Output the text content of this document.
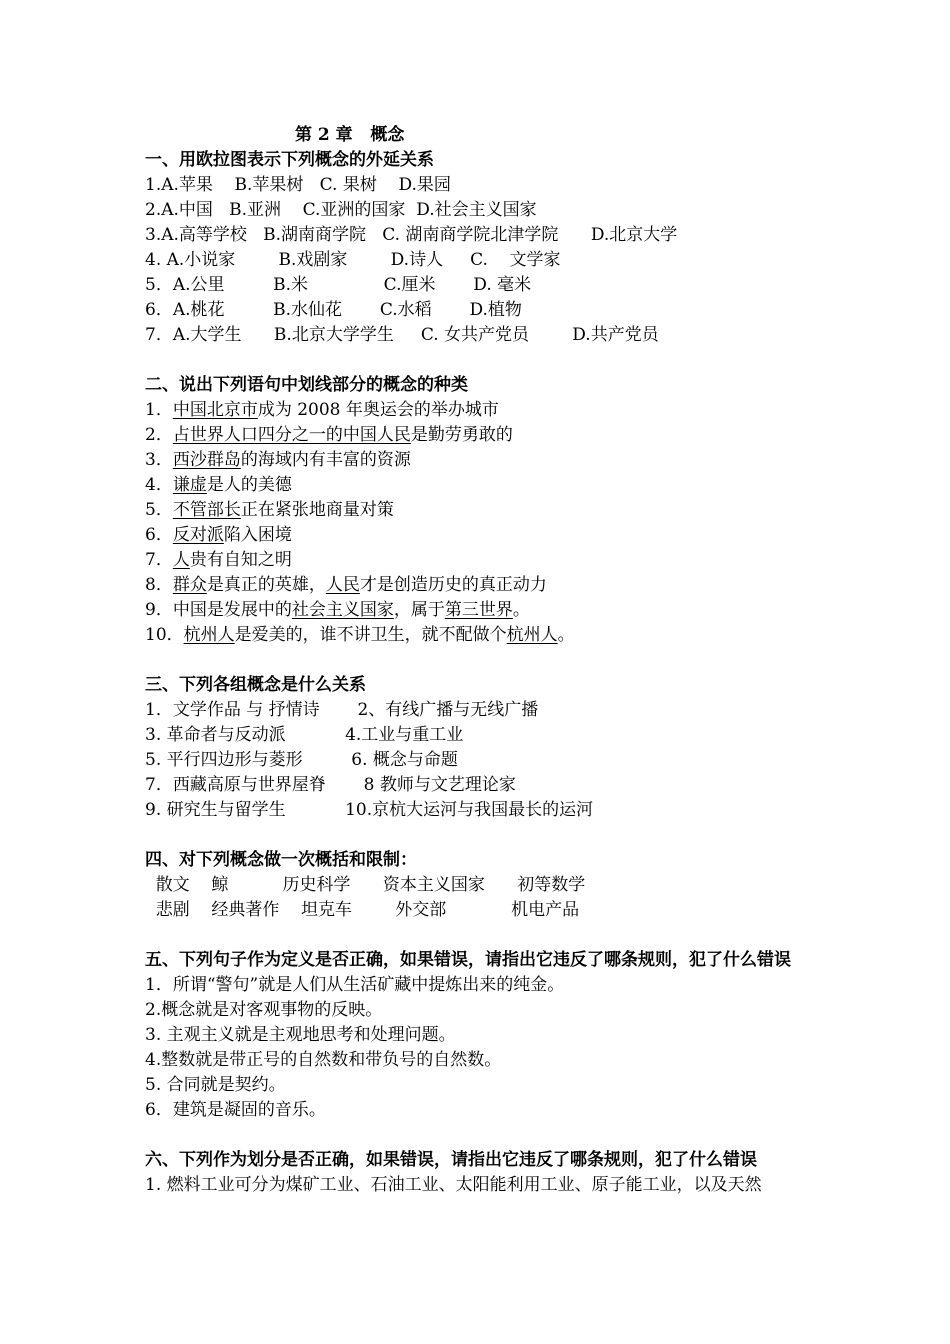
第 2 章   概念
一、用欧拉图表示下列概念的外延关系
1.A.苹果    B.苹果树   C. 果树    D.果园
2.A.中国   B.亚洲    C.亚洲的国家  D.社会主义国家
3.A.高等学校   B.湖南商学院   C. 湖南商学院北津学院      D.北京大学
4. A.小说家        B.戏剧家        D.诗人     C.    文学家
5．A.公里         B.米              C.厘米       D. 毫米
6．A.桃花         B.水仙花       C.水稻       D.植物
7．A.大学生      B.北京大学学生     C. 女共产党员        D.共产党员
二、说出下列语句中划线部分的概念的种类
1．中国北京市成为 2008 年奥运会的举办城市
2．占世界人口四分之一的中国人民是勤劳勇敢的
3．西沙群岛的海域内有丰富的资源
4．谦虚是人的美德
5．不管部长正在紧张地商量对策
6．反对派陷入困境
7．人贵有自知之明
8．群众是真正的英雄，人民才是创造历史的真正动力
9．中国是发展中的社会主义国家，属于第三世界。
10．杭州人是爱美的，谁不讲卫生，就不配做个杭州人。
三、下列各组概念是什么关系
1．文学作品 与 抒情诗       2、有线广播与无线广播
3. 革命者与反动派           4.工业与重工业
5. 平行四边形与菱形         6. 概念与命题
7．西藏高原与世界屋脊       8 教师与文艺理论家
9. 研究生与留学生           10.京杭大运河与我国最长的运河
四、对下列概念做一次概括和限制：
散文    鲸          历史科学      资本主义国家      初等数学
悲剧    经典著作    坦克车        外交部            机电产品
五、下列句子作为定义是否正确，如果错误，请指出它违反了哪条规则，犯了什么错误
1．所谓“警句”就是人们从生活矿藏中提炼出来的纯金。
2.概念就是对客观事物的反映。
3. 主观主义就是主观地思考和处理问题。
4.整数就是带正号的自然数和带负号的自然数。
5. 合同就是契约。
6．建筑是凝固的音乐。
六、下列作为划分是否正确，如果错误，请指出它违反了哪条规则，犯了什么错误
1. 燃料工业可分为煤矿工业、石油工业、太阳能利用工业、原子能工业，以及天然
